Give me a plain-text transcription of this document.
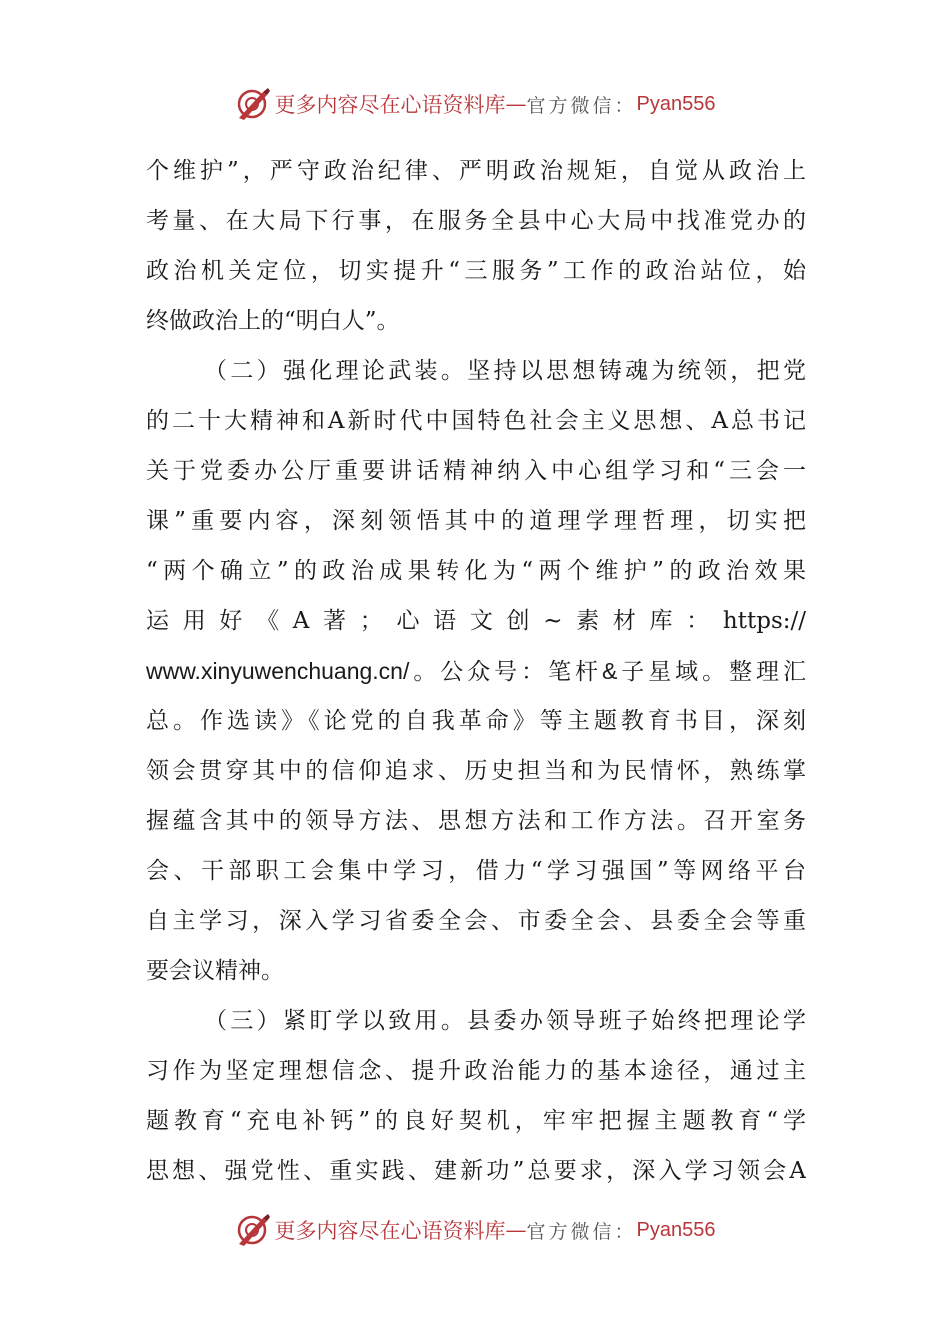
更多内容尽在心语资料库 — 官方微信： Pyan556
个维护”，严守政治纪律、严明政治规矩，自觉从政治上
考量、在大局下行事，在服务全县中心大局中找准党办的
政治机关定位，切实提升“三服务”工作的政治站位，始
终做政治上的“明白人”。
（二）强化理论武装。坚持以思想铸魂为统领，把党
的二十大精神和A新时代中国特色社会主义思想、A总书记
关于党委办公厅重要讲话精神纳入中心组学习和“三会一
课”重要内容，深刻领悟其中的道理学理哲理，切实把
“两个确立”的政治成果转化为“两个维护”的政治效果
运用好《A著；心语文创~素材库：https://
www.xinyuwenchuang.cn/。公众号：笔杆&子星域。整理汇
总。作选读》《论党的自我革命》等主题教育书目，深刻
领会贯穿其中的信仰追求、历史担当和为民情怀，熟练掌
握蕴含其中的领导方法、思想方法和工作方法。召开室务
会、干部职工会集中学习，借力“学习强国”等网络平台
自主学习，深入学习省委全会、市委全会、县委全会等重
要会议精神。
（三）紧盯学以致用。县委办领导班子始终把理论学
习作为坚定理想信念、提升政治能力的基本途径，通过主
题教育“充电补钙”的良好契机，牢牢把握主题教育“学
思想、强党性、重实践、建新功”总要求，深入学习领会A
更多内容尽在心语资料库 — 官方微信： Pyan556
